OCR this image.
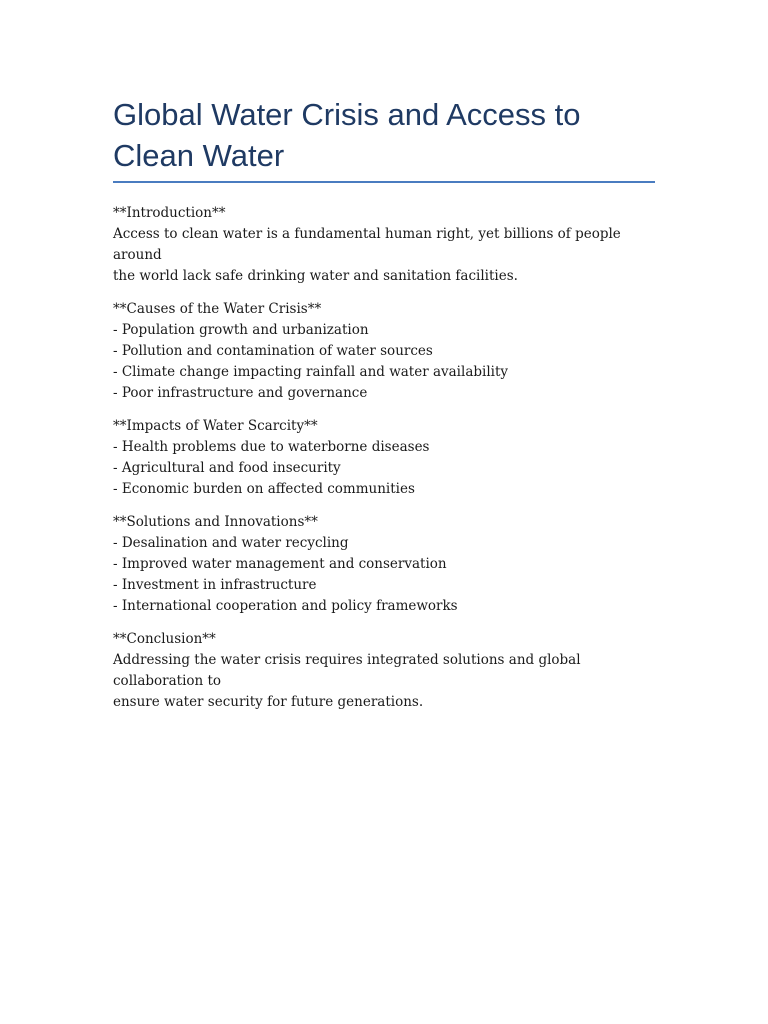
Global Water Crisis and Access to Clean Water
**Introduction**
Access to clean water is a fundamental human right, yet billions of people around
the world lack safe drinking water and sanitation facilities.
**Causes of the Water Crisis**
- Population growth and urbanization
- Pollution and contamination of water sources
- Climate change impacting rainfall and water availability
- Poor infrastructure and governance
**Impacts of Water Scarcity**
- Health problems due to waterborne diseases
- Agricultural and food insecurity
- Economic burden on affected communities
**Solutions and Innovations**
- Desalination and water recycling
- Improved water management and conservation
- Investment in infrastructure
- International cooperation and policy frameworks
**Conclusion**
Addressing the water crisis requires integrated solutions and global collaboration to
ensure water security for future generations.
